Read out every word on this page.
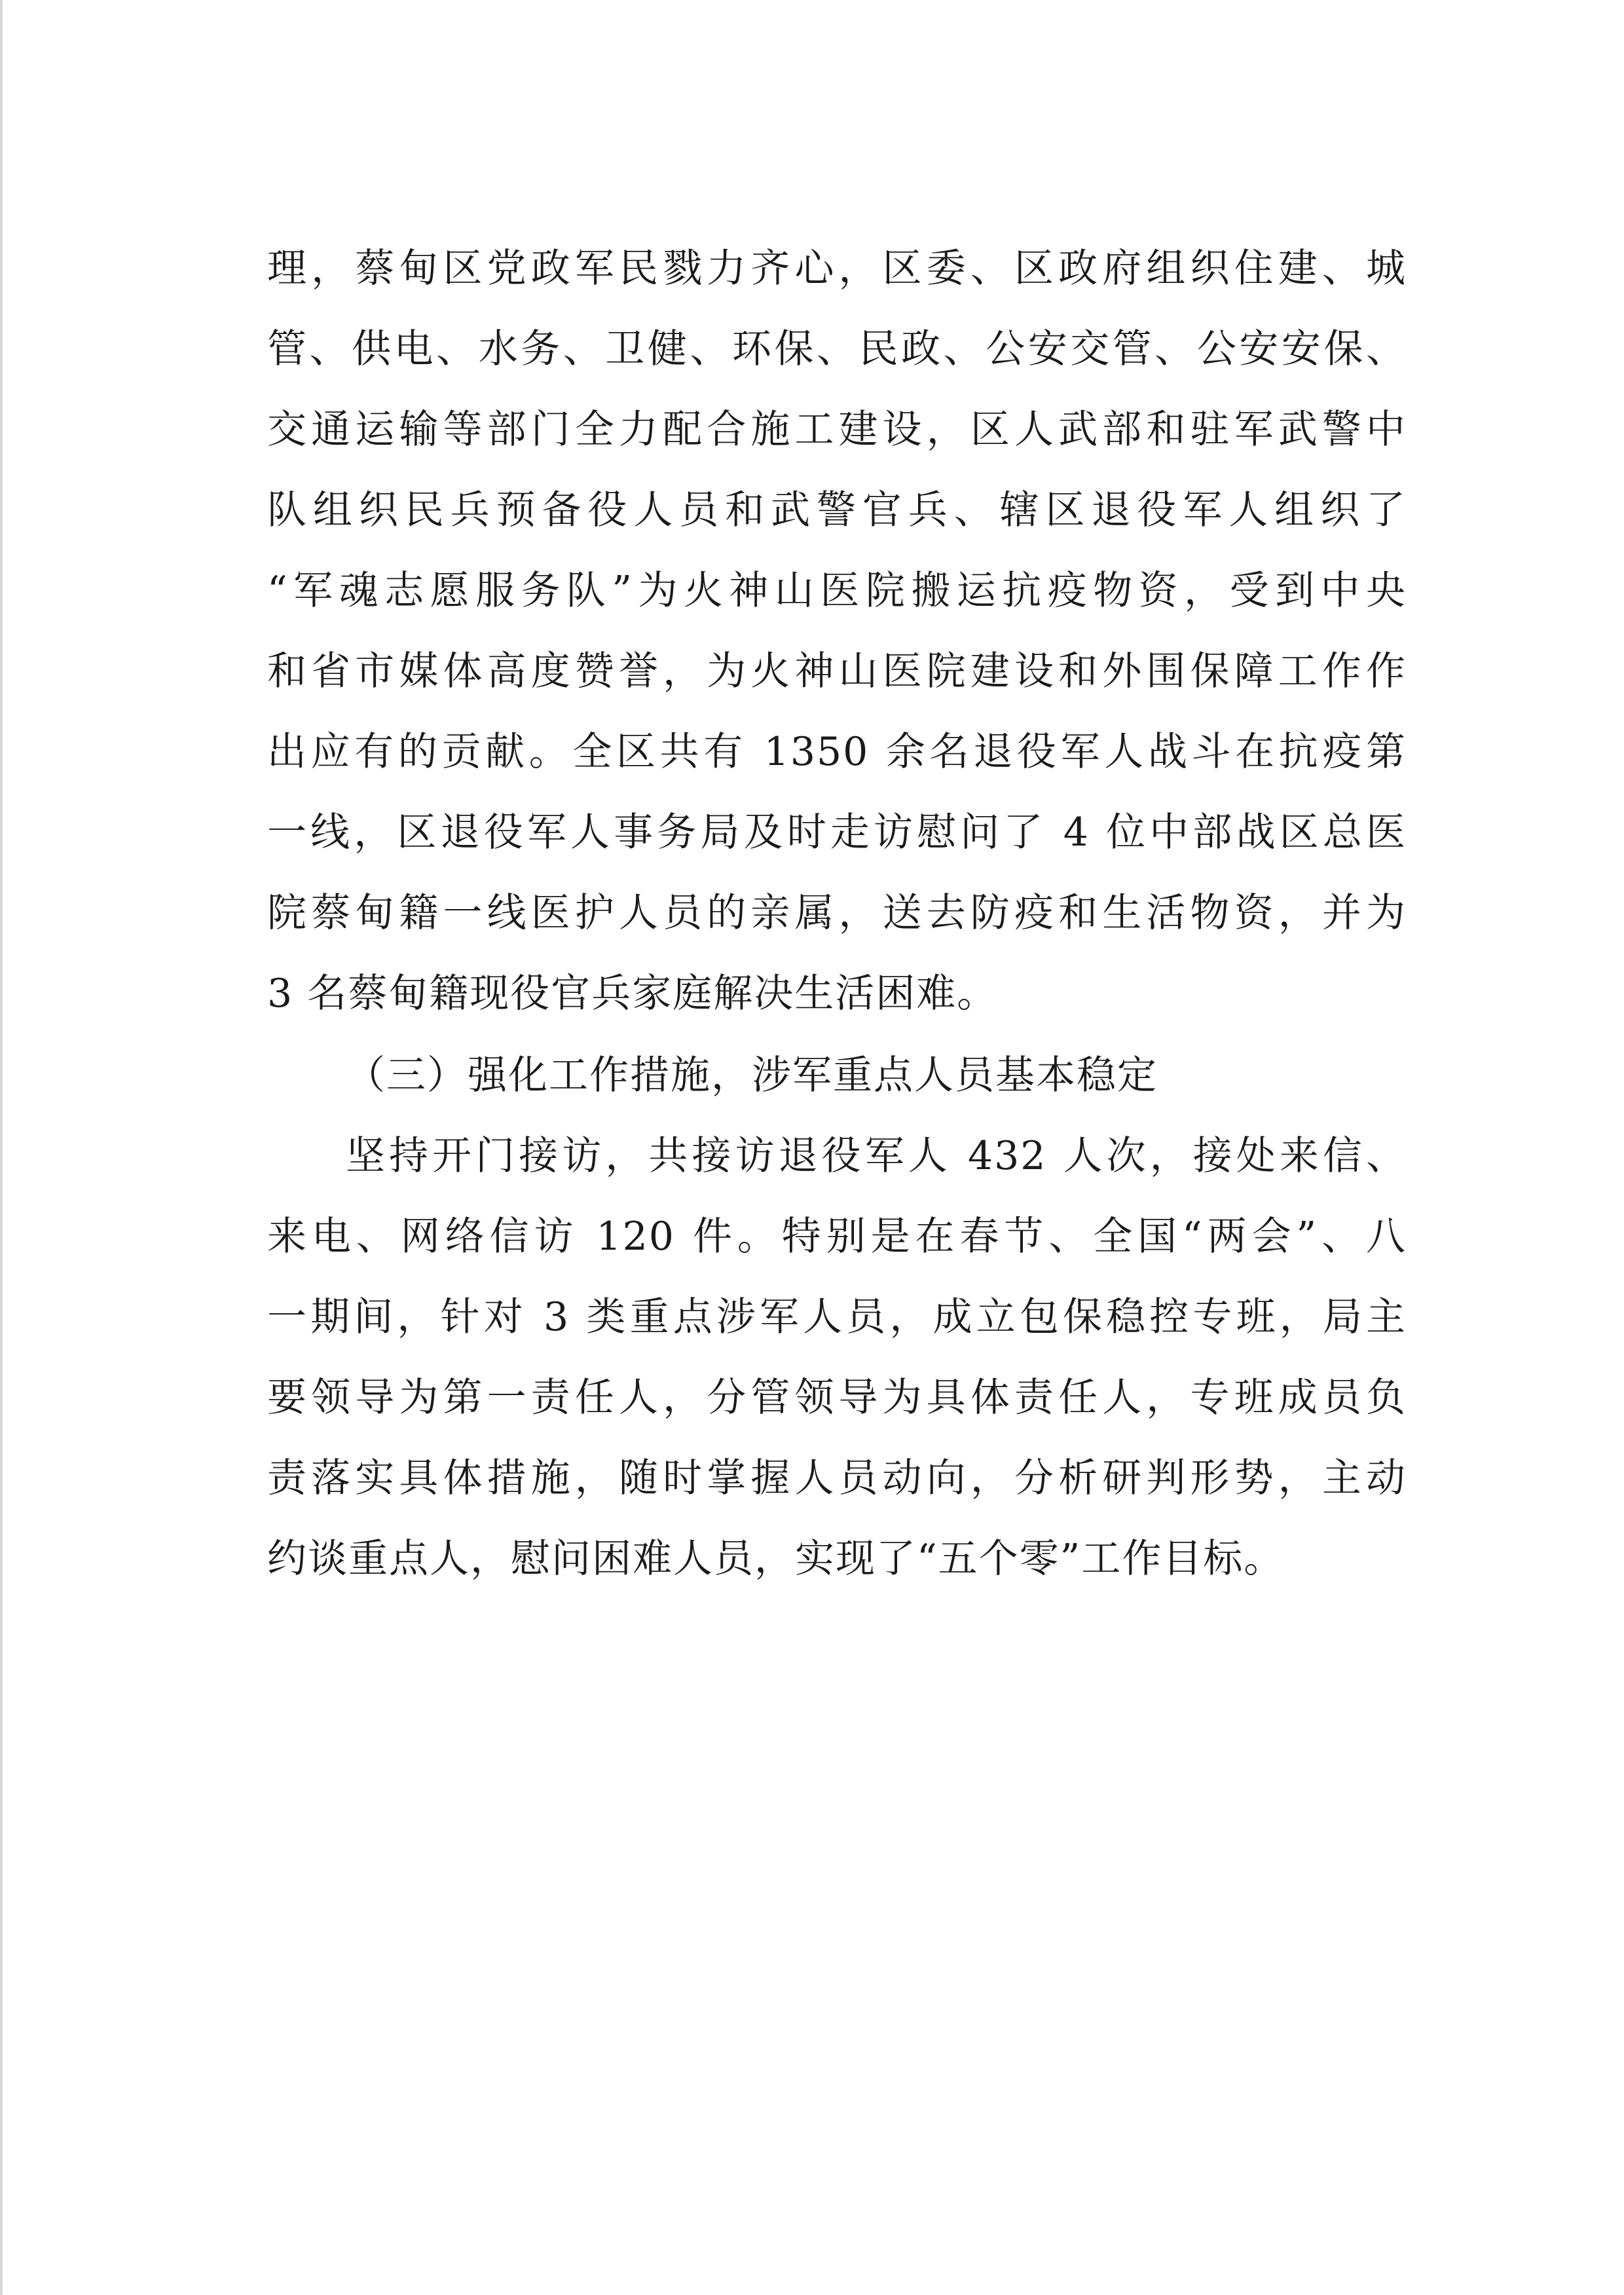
理，蔡甸区党政军民戮力齐心，区委、区政府组织住建、城
管、供电、水务、卫健、环保、民政、公安交管、公安安保、
交通运输等部门全力配合施工建设，区人武部和驻军武警中
队组织民兵预备役人员和武警官兵、辖区退役军人组织了
“军魂志愿服务队”为火神山医院搬运抗疫物资，受到中央
和省市媒体高度赞誉，为火神山医院建设和外围保障工作作
出应有的贡献。全区共有 1350 余名退役军人战斗在抗疫第
一线，区退役军人事务局及时走访慰问了 4 位中部战区总医
院蔡甸籍一线医护人员的亲属，送去防疫和生活物资，并为
3 名蔡甸籍现役官兵家庭解决生活困难。
（三）强化工作措施，涉军重点人员基本稳定
坚持开门接访，共接访退役军人 432 人次，接处来信、
来电、网络信访 120 件。特别是在春节、全国“两会”、八
一期间，针对 3 类重点涉军人员，成立包保稳控专班，局主
要领导为第一责任人，分管领导为具体责任人，专班成员负
责落实具体措施，随时掌握人员动向，分析研判形势，主动
约谈重点人，慰问困难人员，实现了“五个零”工作目标。
